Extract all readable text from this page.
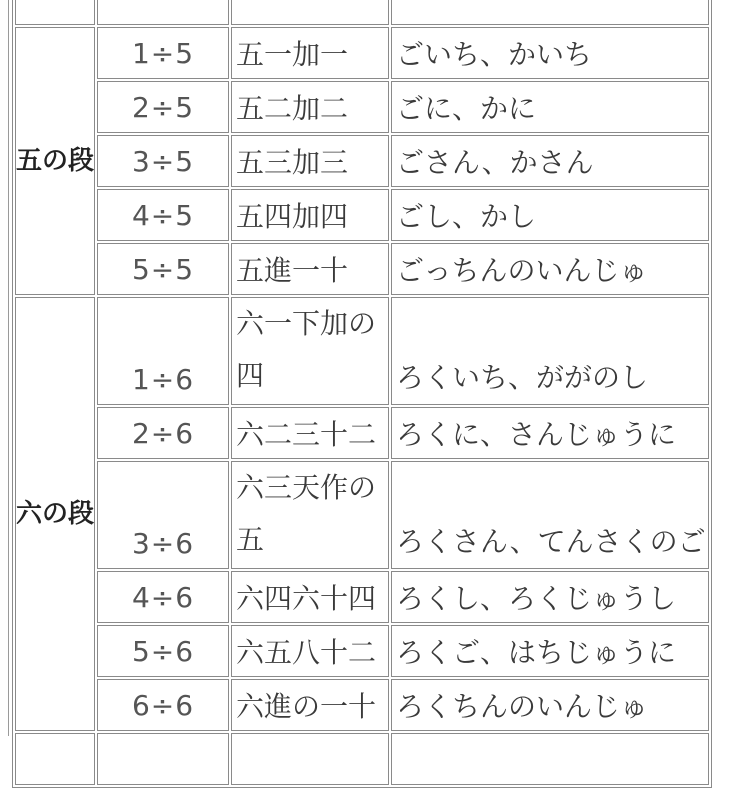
五の段	1÷5	五一加一	ごいち、かいち
	2÷5	五二加二	ごに、かに
	3÷5	五三加三	ごさん、かさん
	4÷5	五四加四	ごし、かし
	5÷5	五進一十	ごっちんのいんじゅ
六の段	1÷6	六一下加の四	ろくいち、ががのし
	2÷6	六二三十二	ろくに、さんじゅうに
	3÷6	六三天作の五	ろくさん、てんさくのご
	4÷6	六四六十四	ろくし、ろくじゅうし
	5÷6	六五八十二	ろくご、はちじゅうに
	6÷6	六進の一十	ろくちんのいんじゅ
